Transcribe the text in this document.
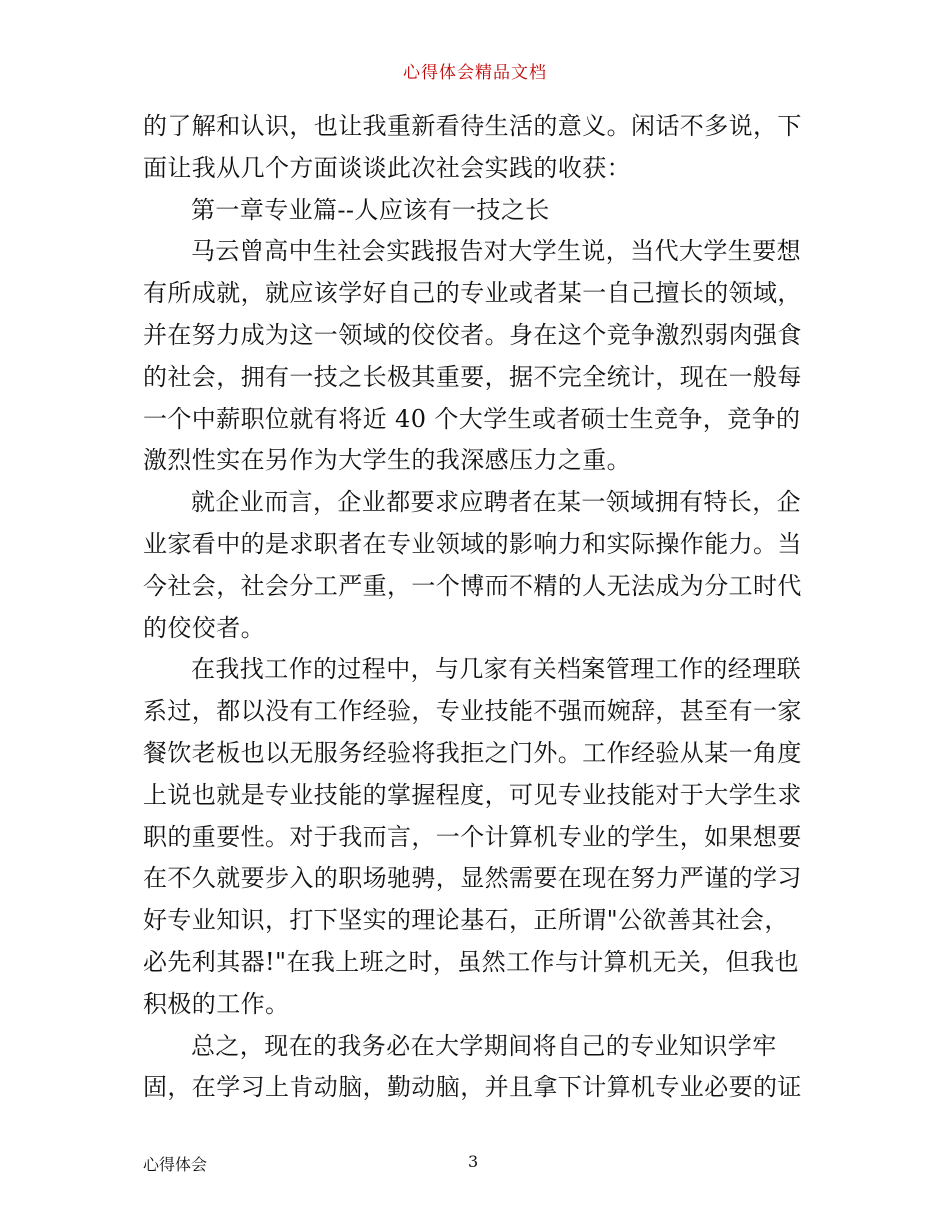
心得体会精品文档
的了解和认识，也让我重新看待生活的意义。闲话不多说，下
面让我从几个方面谈谈此次社会实践的收获：
第一章专业篇--人应该有一技之长
马云曾高中生社会实践报告对大学生说，当代大学生要想
有所成就，就应该学好自己的专业或者某一自己擅长的领域，
并在努力成为这一领域的佼佼者。身在这个竞争激烈弱肉强食
的社会，拥有一技之长极其重要，据不完全统计，现在一般每
一个中薪职位就有将近 40 个大学生或者硕士生竞争，竞争的
激烈性实在另作为大学生的我深感压力之重。
就企业而言，企业都要求应聘者在某一领域拥有特长，企
业家看中的是求职者在专业领域的影响力和实际操作能力。当
今社会，社会分工严重，一个博而不精的人无法成为分工时代
的佼佼者。
在我找工作的过程中，与几家有关档案管理工作的经理联
系过，都以没有工作经验，专业技能不强而婉辞，甚至有一家
餐饮老板也以无服务经验将我拒之门外。工作经验从某一角度
上说也就是专业技能的掌握程度，可见专业技能对于大学生求
职的重要性。对于我而言，一个计算机专业的学生，如果想要
在不久就要步入的职场驰骋，显然需要在现在努力严谨的学习
好专业知识，打下坚实的理论基石，正所谓"公欲善其社会，
必先利其器!"在我上班之时，虽然工作与计算机无关，但我也
积极的工作。
总之，现在的我务必在大学期间将自己的专业知识学牢
固，在学习上肯动脑，勤动脑，并且拿下计算机专业必要的证
心得体会	3
